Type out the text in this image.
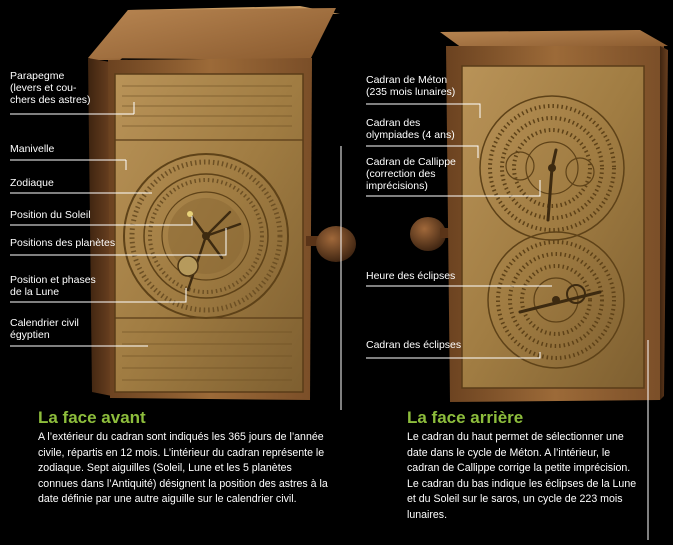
Parapegme
(levers et cou-
chers des astres)
Manivelle
Zodiaque
Position du Soleil
Positions des planètes
Position et phases
de la Lune
Calendrier civil
égyptien
Cadran de Méton
(235 mois lunaires)
Cadran des
olympiades (4 ans)
Cadran de Callippe
(correction des
imprécisions)
Heure des éclipses
Cadran des éclipses
La face avant
A l’extérieur du cadran sont indiqués les 365 jours de l’année civile, répartis en 12 mois. L’intérieur du cadran représente le zodiaque. Sept aiguilles (Soleil, Lune et les 5 planètes connues dans l’Antiquité) désignent la position des astres à la date définie par une autre aiguille sur le calendrier civil.
La face arrière
Le cadran du haut permet de sélectionner une date dans le cycle de Méton. A l’intérieur, le cadran de Callippe corrige la petite imprécision. Le cadran du bas indique les éclipses de la Lune et du Soleil sur le saros, un cycle de 223 mois lunaires.
